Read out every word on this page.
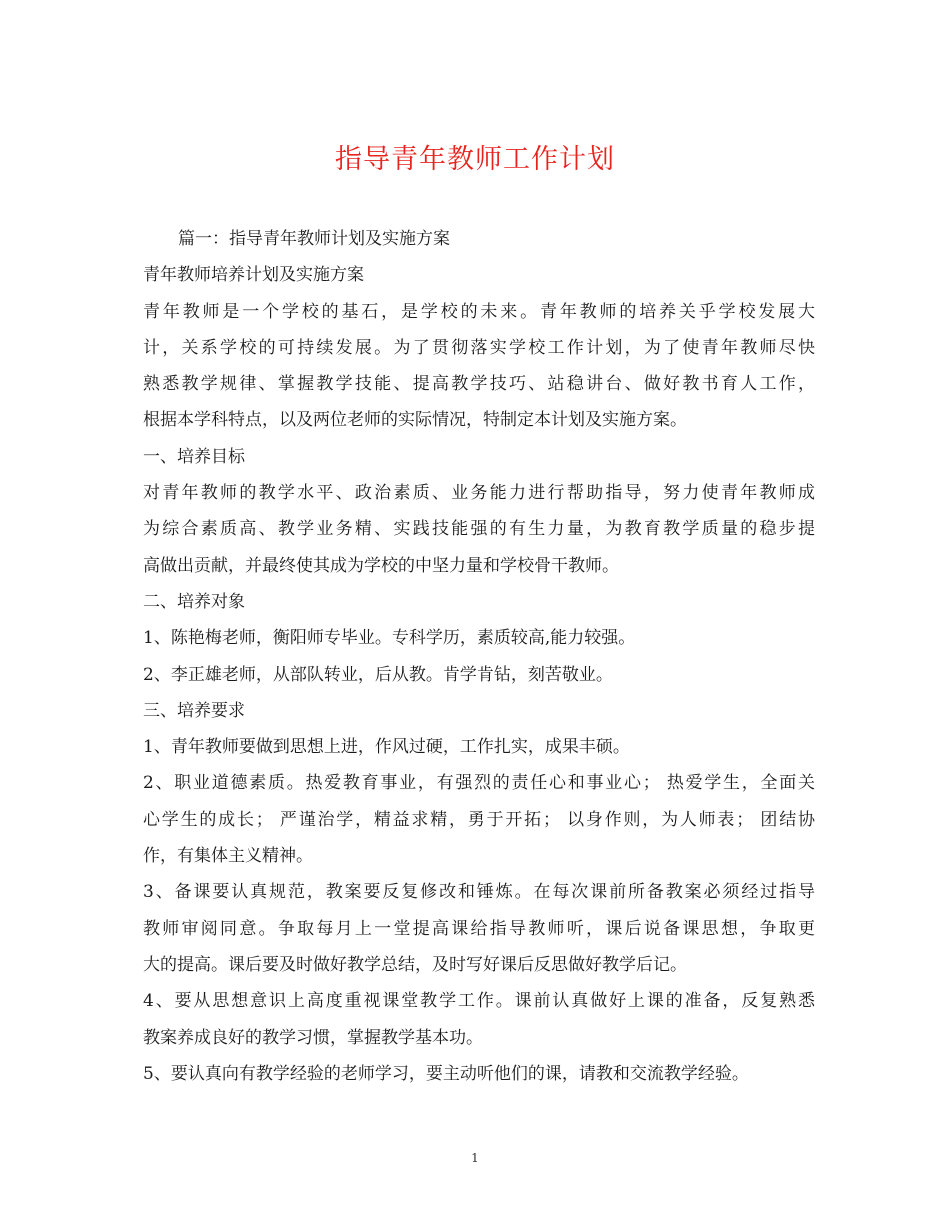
指导青年教师工作计划
篇一：指导青年教师计划及实施方案
青年教师培养计划及实施方案
青年教师是一个学校的基石，是学校的未来。青年教师的培养关乎学校发展大
计，关系学校的可持续发展。为了贯彻落实学校工作计划，为了使青年教师尽快
熟悉教学规律、掌握教学技能、提高教学技巧、站稳讲台、做好教书育人工作，
根据本学科特点，以及两位老师的实际情况，特制定本计划及实施方案。
一、培养目标
对青年教师的教学水平、政治素质、业务能力进行帮助指导，努力使青年教师成
为综合素质高、教学业务精、实践技能强的有生力量，为教育教学质量的稳步提
高做出贡献，并最终使其成为学校的中坚力量和学校骨干教师。
二、培养对象
1、陈艳梅老师，衡阳师专毕业。专科学历，素质较高,能力较强。
2、李正雄老师，从部队转业，后从教。肯学肯钻，刻苦敬业。
三、培养要求
1、青年教师要做到思想上进，作风过硬，工作扎实，成果丰硕。
2、职业道德素质。热爱教育事业，有强烈的责任心和事业心； 热爱学生，全面关
心学生的成长； 严谨治学，精益求精，勇于开拓； 以身作则，为人师表； 团结协
作，有集体主义精神。
3、备课要认真规范，教案要反复修改和锤炼。在每次课前所备教案必须经过指导
教师审阅同意。争取每月上一堂提高课给指导教师听，课后说备课思想，争取更
大的提高。课后要及时做好教学总结，及时写好课后反思做好教学后记。
4、要从思想意识上高度重视课堂教学工作。课前认真做好上课的准备，反复熟悉
教案养成良好的教学习惯，掌握教学基本功。
5、要认真向有教学经验的老师学习，要主动听他们的课，请教和交流教学经验。
1
